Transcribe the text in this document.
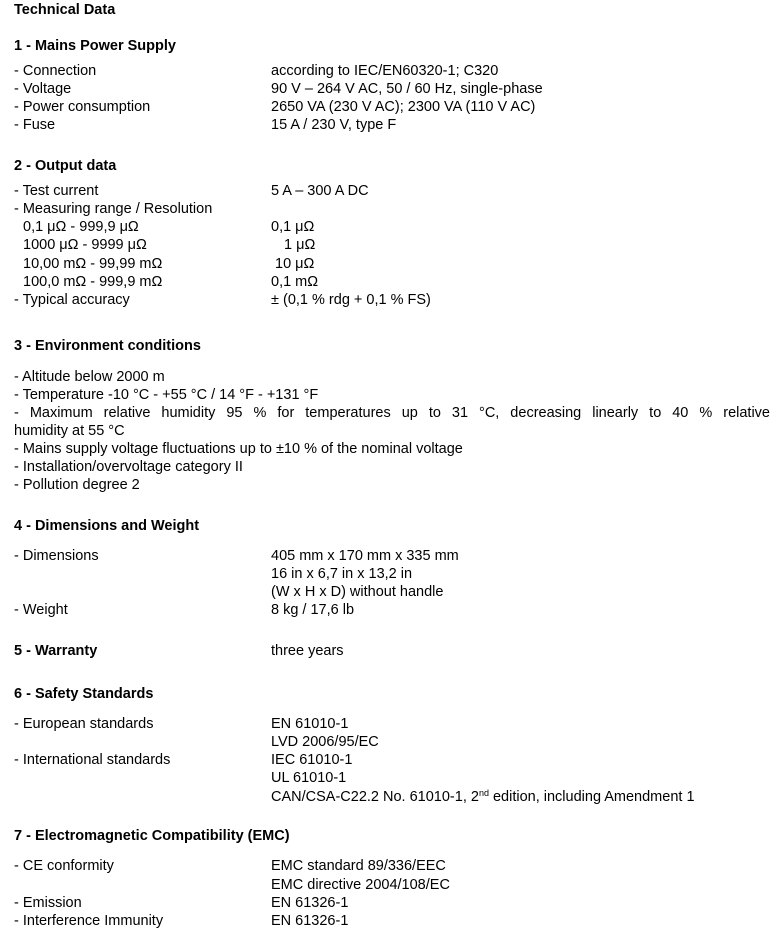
Technical Data
1 - Mains Power Supply
- Connection	according to IEC/EN60320-1; C320
- Voltage	90 V – 264 V AC, 50 / 60 Hz, single-phase
- Power consumption	2650 VA (230 V AC); 2300 VA (110 V AC)
- Fuse	15 A / 230 V, type F
2 - Output data
- Test current	5 A – 300 A DC
- Measuring range / Resolution
0,1 μΩ - 999,9 μΩ	0,1 μΩ
1000 μΩ - 9999 μΩ	1 μΩ
10,00 mΩ - 99,99 mΩ	10 μΩ
100,0 mΩ - 999,9 mΩ	0,1 mΩ
- Typical accuracy	± (0,1 % rdg + 0,1 % FS)
3 - Environment conditions
- Altitude below 2000 m
- Temperature -10 °C - +55 °C / 14 °F - +131 °F
- Maximum relative humidity 95 % for temperatures up to 31 °C, decreasing linearly to 40 % relative
humidity at 55 °C
- Mains supply voltage fluctuations up to ±10 % of the nominal voltage
- Installation/overvoltage category II
- Pollution degree 2
4 - Dimensions and Weight
- Dimensions	405 mm x 170 mm x 335 mm
16 in x 6,7 in x 13,2 in
(W x H x D) without handle
- Weight	8 kg / 17,6 lb
5 - Warranty	three years
6 - Safety Standards
- European standards	EN 61010-1
LVD 2006/95/EC
- International standards	IEC 61010-1
UL 61010-1
CAN/CSA-C22.2 No. 61010-1, 2nd edition, including Amendment 1
7 - Electromagnetic Compatibility (EMC)
- CE conformity	EMC standard 89/336/EEC
EMC directive 2004/108/EC
- Emission	EN 61326-1
- Interference Immunity	EN 61326-1
